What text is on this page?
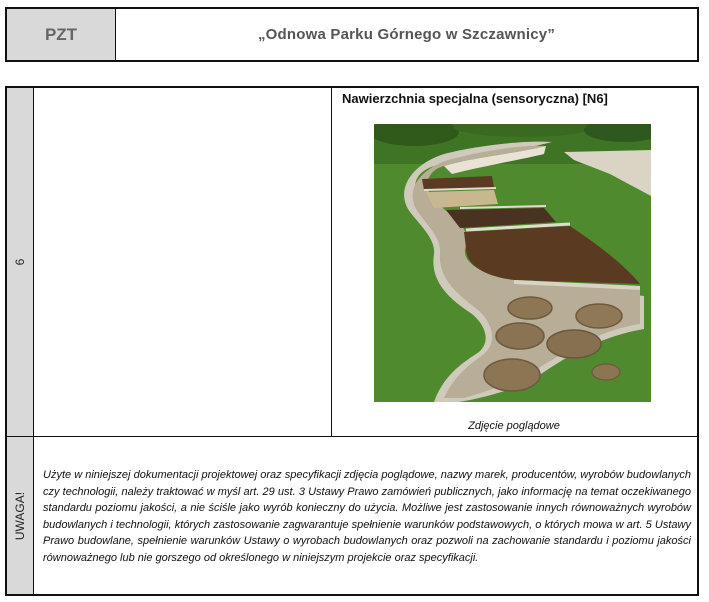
PZT	„Odnowa Parku Górnego w Szczawnicy”
6
UWAGA!
Nawierzchnia specjalna (sensoryczna) [N6]
Zdjęcie poglądowe
Użyte w niniejszej dokumentacji projektowej oraz specyfikacji zdjęcia poglądowe, nazwy marek, producentów, wyrobów budowlanych czy technologii, należy traktować w myśl art. 29 ust. 3 Ustawy Prawo zamówień publicznych, jako informację na temat oczekiwanego standardu poziomu jakości, a nie ściśle jako wyrób konieczny do użycia. Możliwe jest zastosowanie innych równoważnych wyrobów budowlanych i technologii, których zastosowanie zagwarantuje spełnienie warunków podstawowych, o których mowa w art. 5 Ustawy Prawo budowlane, spełnienie warunków Ustawy o wyrobach budowlanych oraz pozwoli na zachowanie standardu i poziomu jakości równoważnego lub nie gorszego od określonego w niniejszym projekcie oraz specyfikacji.
